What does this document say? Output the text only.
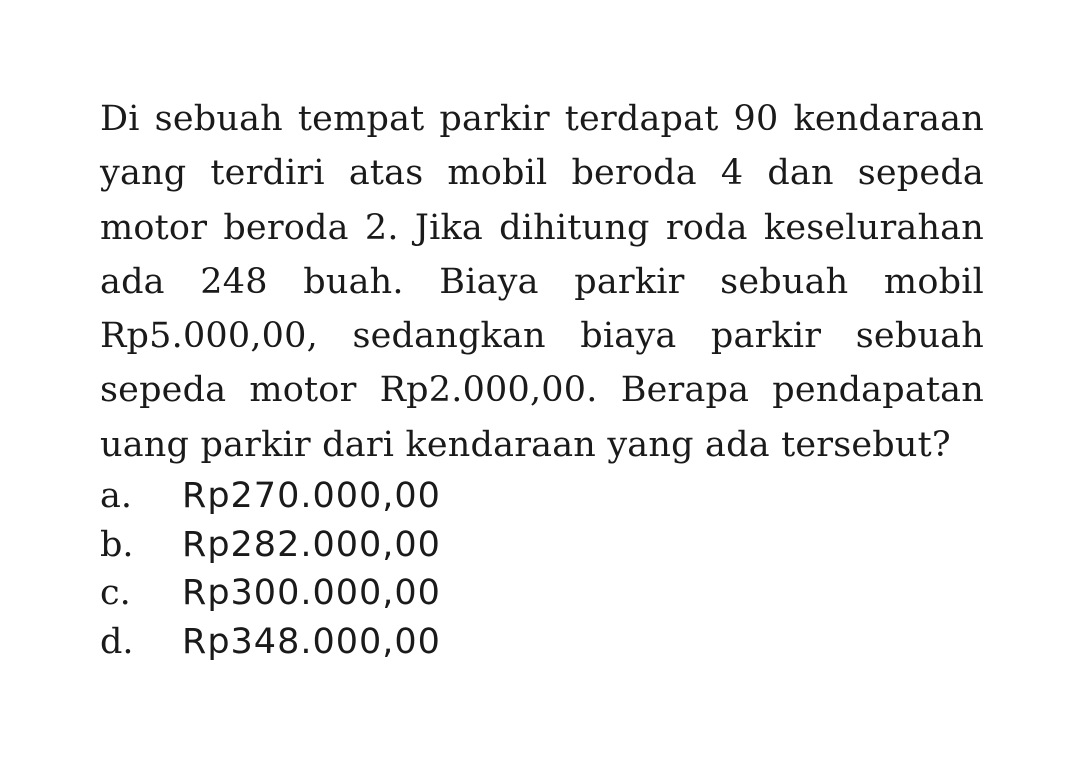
Di sebuah tempat parkir terdapat 90 kendaraan yang terdiri atas mobil beroda 4 dan sepeda motor beroda 2. Jika dihitung roda keselurahan ada 248 buah. Biaya parkir sebuah mobil Rp5.000,00, sedangkan biaya parkir sebuah sepeda motor Rp2.000,00. Berapa pendapatan uang parkir dari kendaraan yang ada tersebut?

a.	Rp270.000,00
b.	Rp282.000,00
c.	Rp300.000,00
d.	Rp348.000,00
